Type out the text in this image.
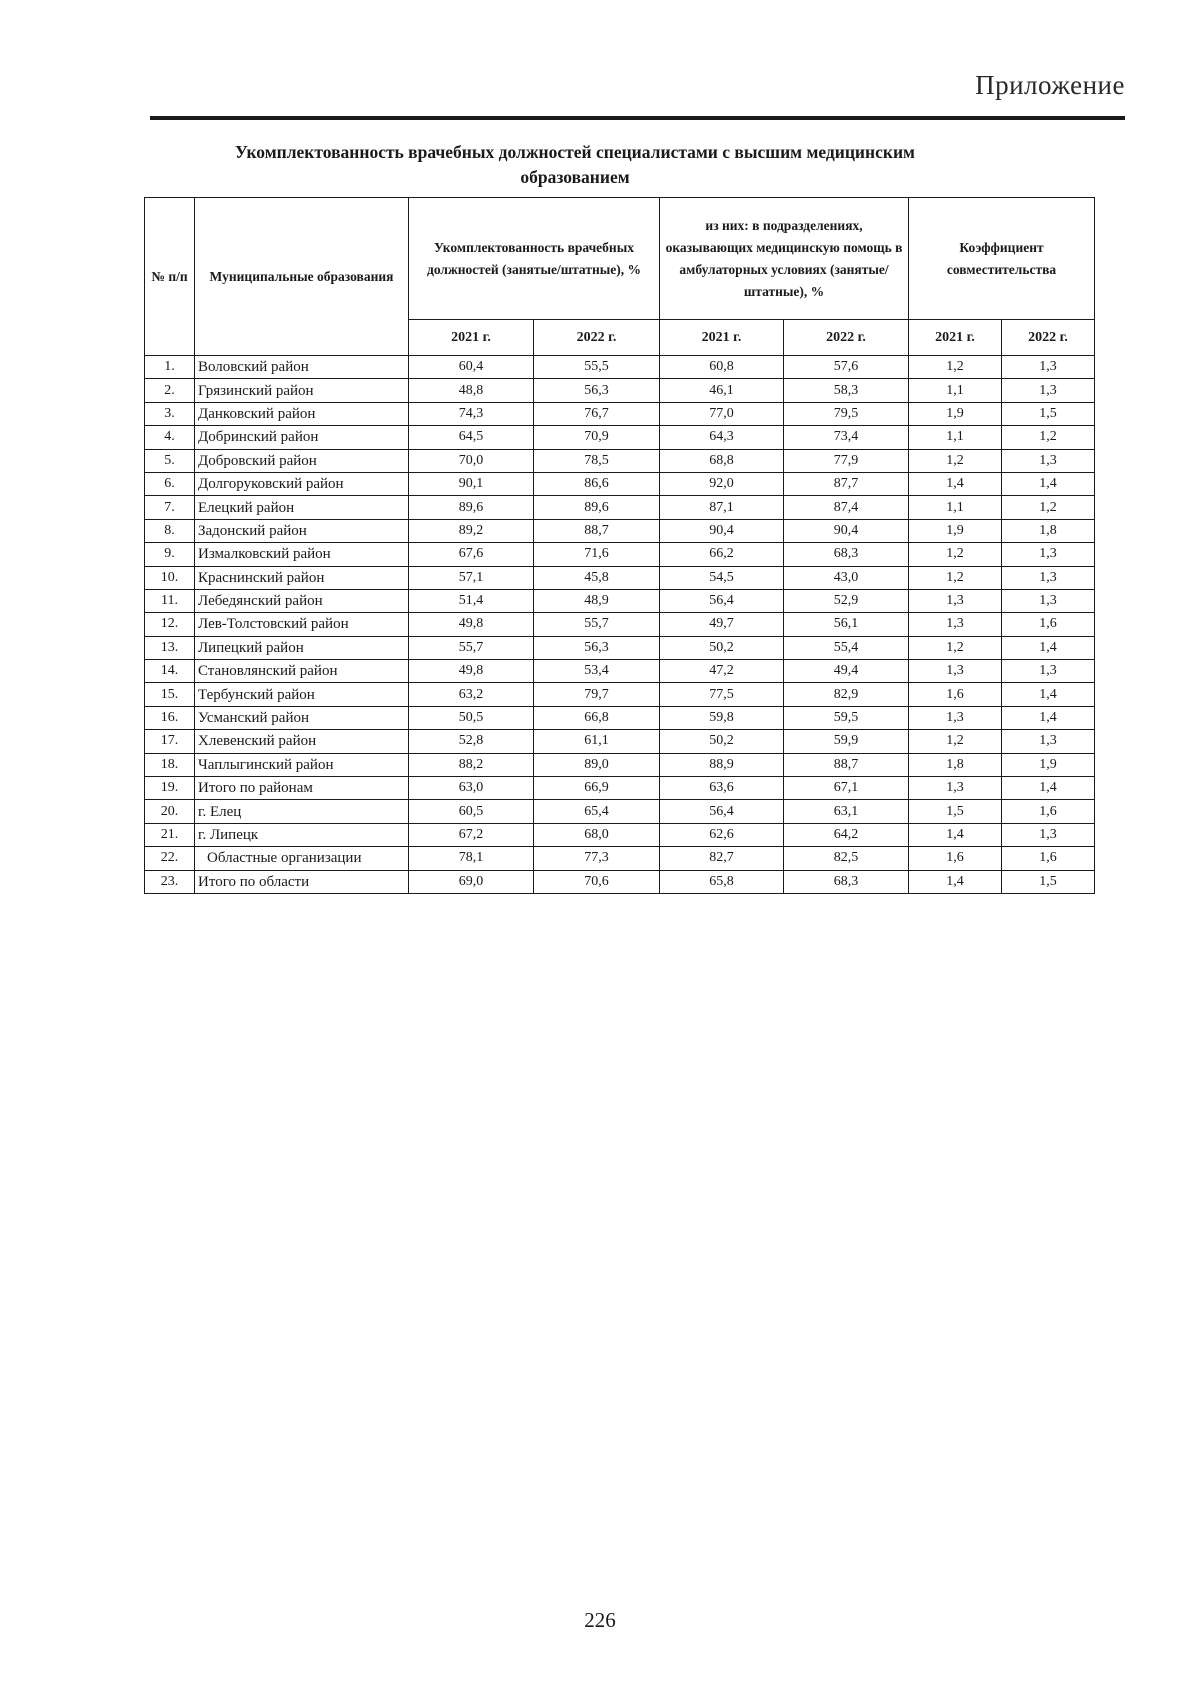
Приложение
Укомплектованность врачебных должностей специалистами с высшим медицинским образованием
№ п/п	Муниципальные образования	Укомплектованность врачебных должностей (занятые/штатные), %		из них: в подразделениях, оказывающих медицинскую помощь в амбулаторных условиях (занятые/штатные), %		Коэффициент совместительства	
		2021 г.	2022 г.	2021 г.	2022 г.	2021 г.	2022 г.
1.	Воловский район	60,4	55,5	60,8	57,6	1,2	1,3
2.	Грязинский район	48,8	56,3	46,1	58,3	1,1	1,3
3.	Данковский район	74,3	76,7	77,0	79,5	1,9	1,5
4.	Добринский район	64,5	70,9	64,3	73,4	1,1	1,2
5.	Добровский район	70,0	78,5	68,8	77,9	1,2	1,3
6.	Долгоруковский район	90,1	86,6	92,0	87,7	1,4	1,4
7.	Елецкий район	89,6	89,6	87,1	87,4	1,1	1,2
8.	Задонский район	89,2	88,7	90,4	90,4	1,9	1,8
9.	Измалковский район	67,6	71,6	66,2	68,3	1,2	1,3
10.	Краснинский район	57,1	45,8	54,5	43,0	1,2	1,3
11.	Лебедянский район	51,4	48,9	56,4	52,9	1,3	1,3
12.	Лев-Толстовский район	49,8	55,7	49,7	56,1	1,3	1,6
13.	Липецкий район	55,7	56,3	50,2	55,4	1,2	1,4
14.	Становлянский район	49,8	53,4	47,2	49,4	1,3	1,3
15.	Тербунский район	63,2	79,7	77,5	82,9	1,6	1,4
16.	Усманский район	50,5	66,8	59,8	59,5	1,3	1,4
17.	Хлевенский район	52,8	61,1	50,2	59,9	1,2	1,3
18.	Чаплыгинский район	88,2	89,0	88,9	88,7	1,8	1,9
19.	Итого по районам	63,0	66,9	63,6	67,1	1,3	1,4
20.	г. Елец	60,5	65,4	56,4	63,1	1,5	1,6
21.	г. Липецк	67,2	68,0	62,6	64,2	1,4	1,3
22.	Областные организации	78,1	77,3	82,7	82,5	1,6	1,6
23.	Итого по области	69,0	70,6	65,8	68,3	1,4	1,5
226
